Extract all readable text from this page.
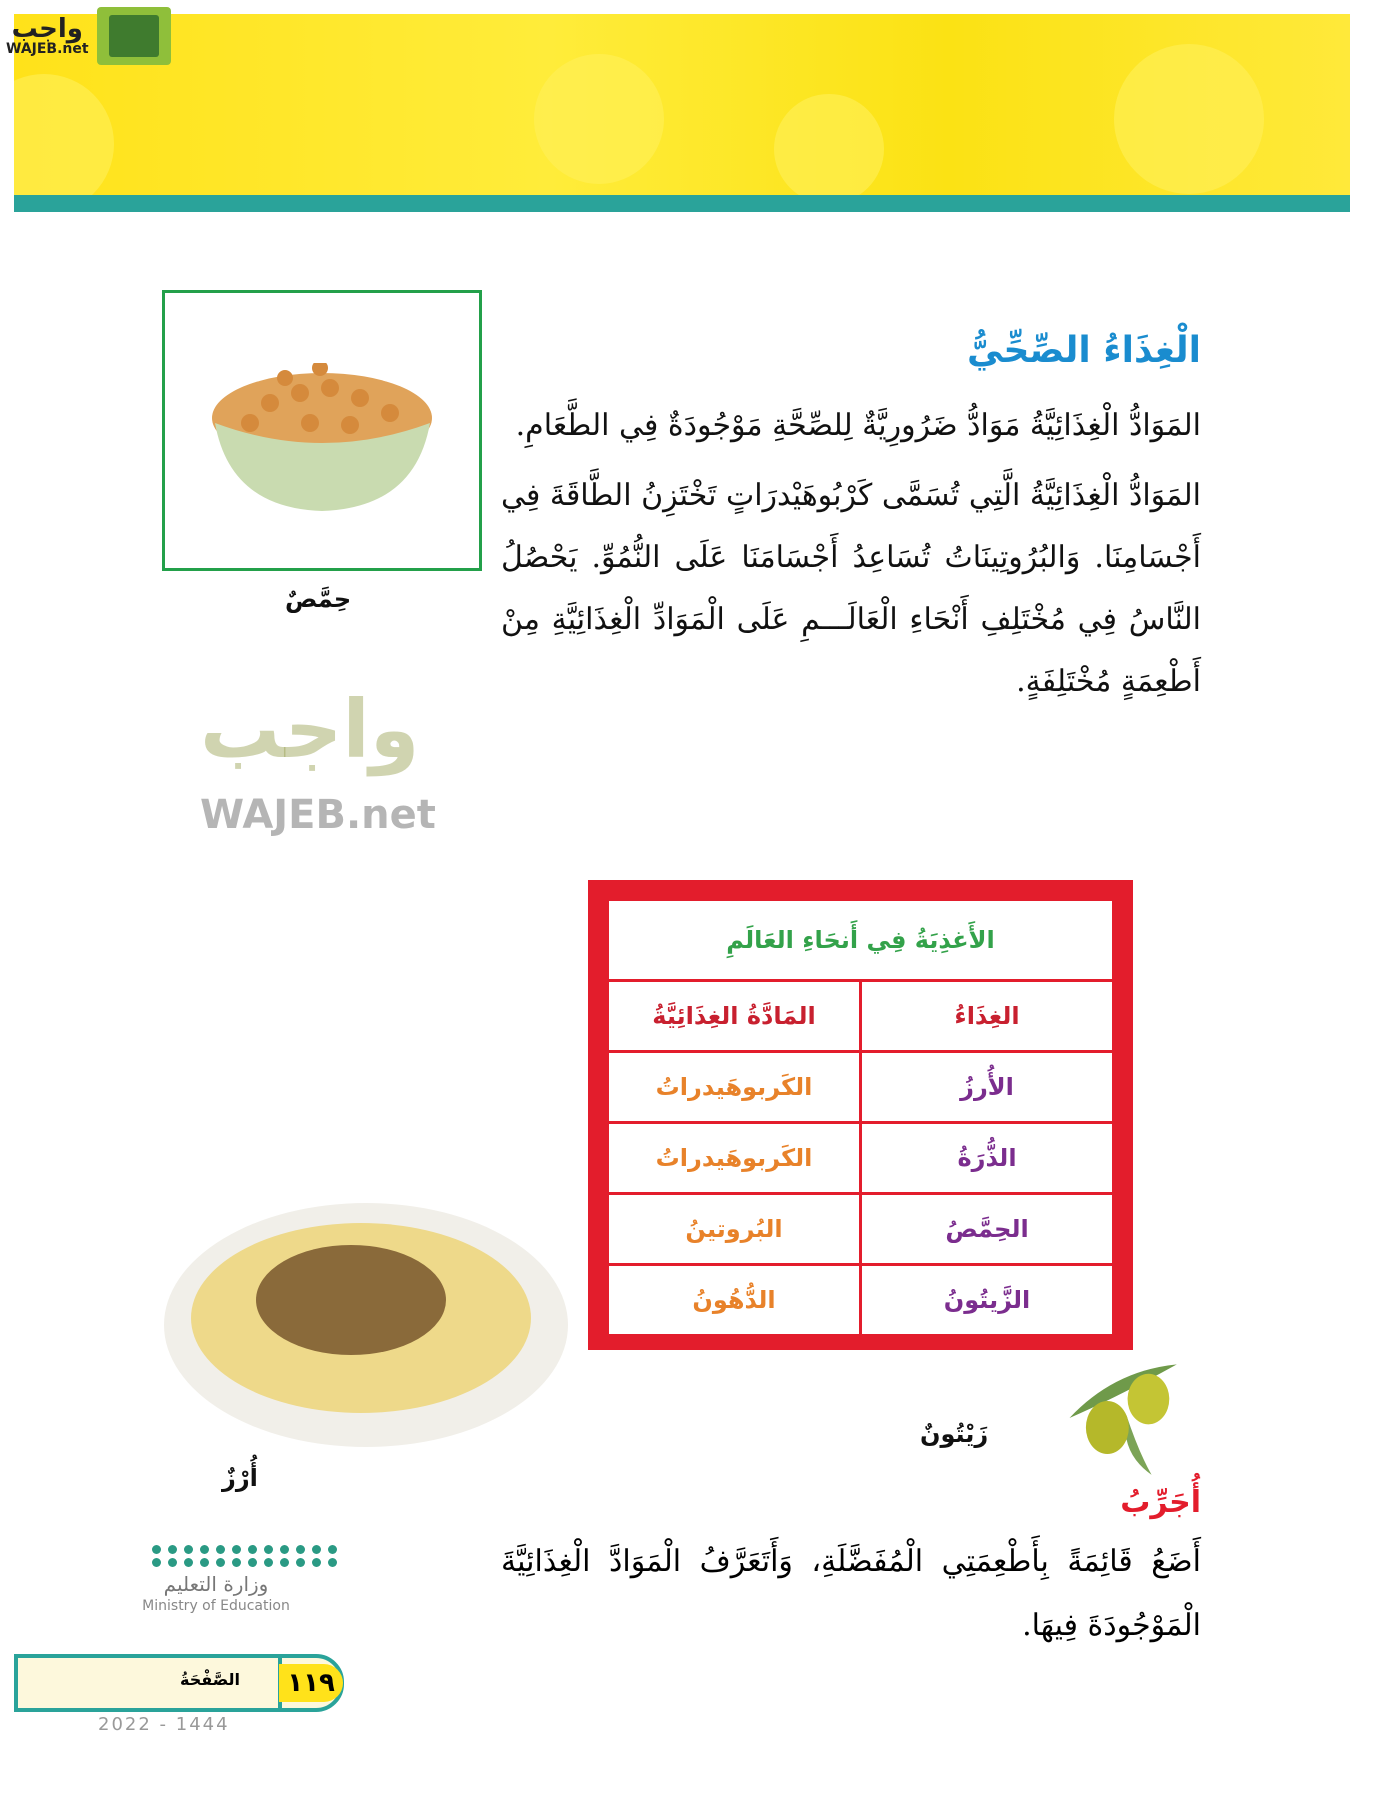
واجب
WAJEB.net
حِمَّصٌ
الْغِذَاءُ الصِّحِّيُّ

المَوَادُّ الْغِذَائِيَّةُ مَوَادُّ ضَرُورِيَّةٌ لِلصِّحَّةِ مَوْجُودَةٌ فِي الطَّعَامِ.

المَوَادُّ الْغِذَائِيَّةُ الَّتِي تُسَمَّى كَرْبُوهَيْدرَاتٍ تَخْتَزِنُ الطَّاقَةَ فِي أَجْسَامِنَا. وَالبُرُوتِينَاتُ تُسَاعِدُ أَجْسَامَنَا عَلَى النُّمُوِّ. يَحْصُلُ النَّاسُ فِي مُخْتَلِفِ أَنْحَاءِ الْعَالَـــمِ عَلَى الْمَوَادِّ الْغِذَائِيَّةِ مِنْ أَطْعِمَةٍ مُخْتَلِفَةٍ.

واجب
WAJEB.net
الأَغذِيَةُ فِي أَنحَاءِ العَالَمِ	
الغِذَاءُ	المَادَّةُ الغِذَائِيَّةُ
الأُرزُ	الكَربوهَيدراتُ
الذُّرَةُ	الكَربوهَيدراتُ
الحِمَّصُ	البُروتينُ
الزَّيتُونُ	الدُّهُونُ
أُرْزٌ
زَيْتُونٌ
أُجَرِّبُ
أَضَعُ قَائِمَةً بِأَطْعِمَتِي الْمُفَضَّلَةِ، وَأَتَعَرَّفُ الْمَوَادَّ الْغِذَائِيَّةَ الْمَوْجُودَةَ فِيهَا.
وزارة التعليم
Ministry of Education
الصَّفْحَةُ	١١٩
2022 - 1444
